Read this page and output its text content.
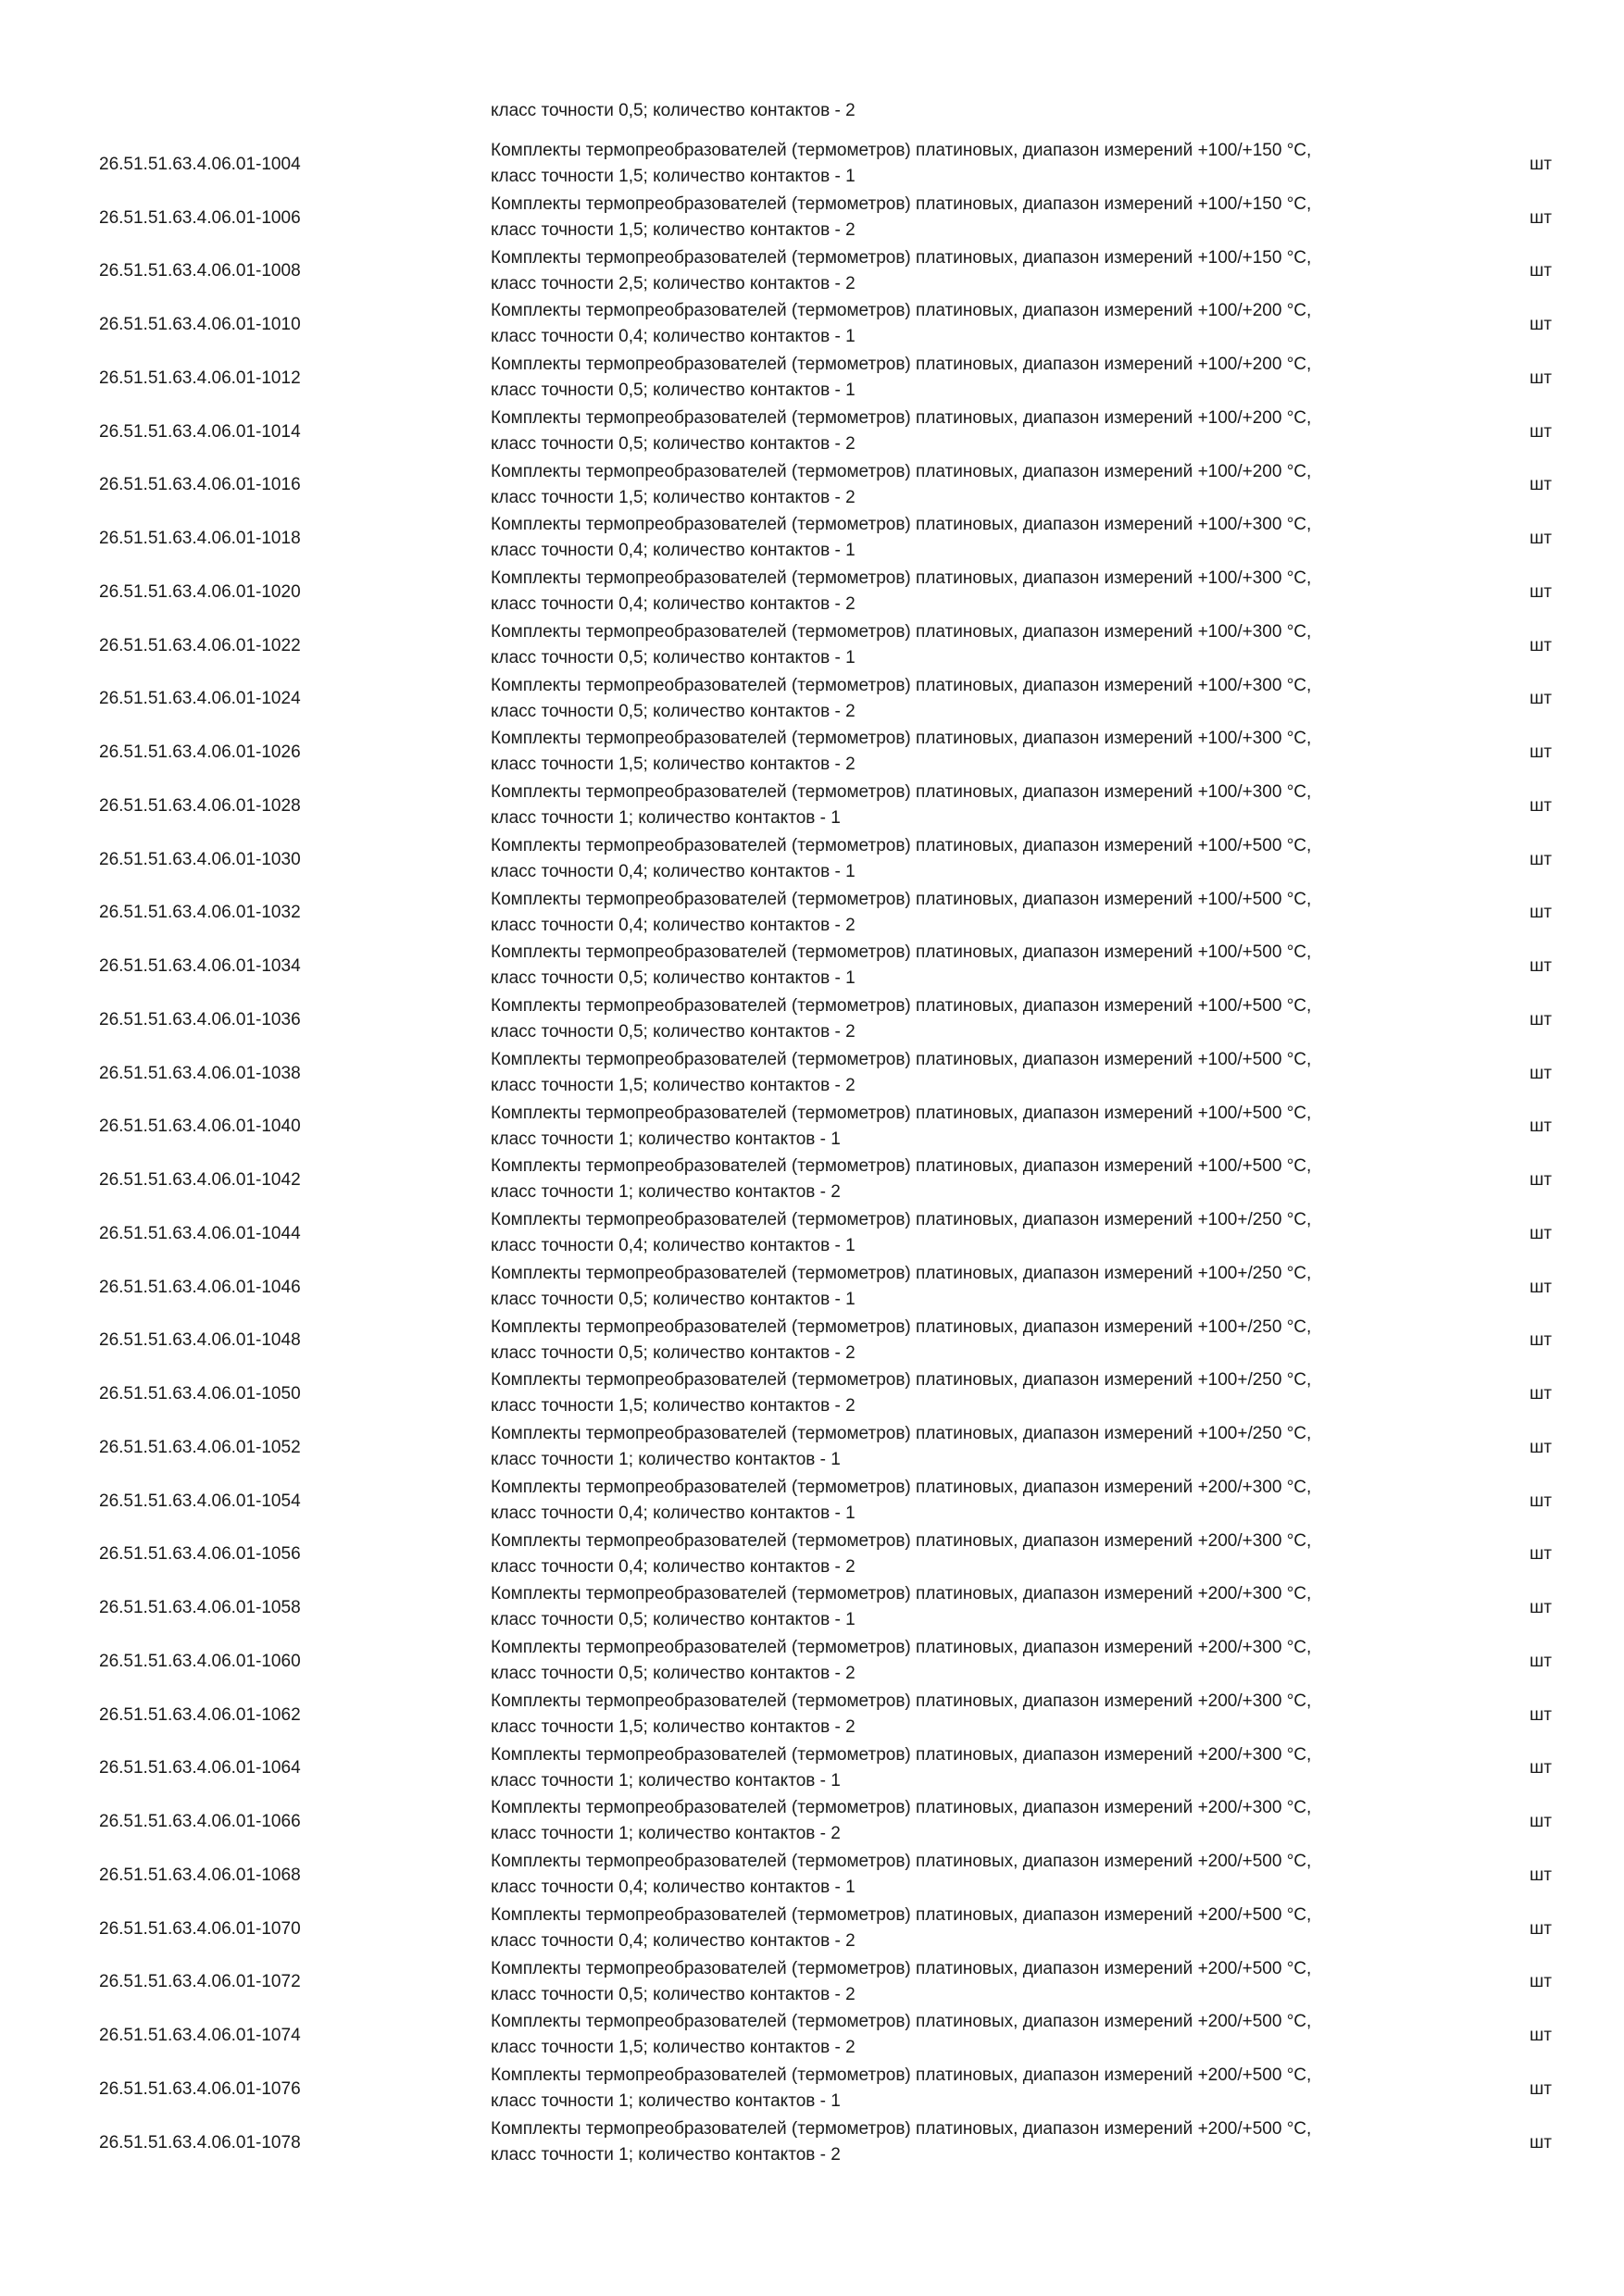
класс точности 0,5; количество контактов - 2
26.51.51.63.4.06.01-1004
Комплекты термопреобразователей (термометров) платиновых, диапазон измерений +100/+150 °С,
класс точности 1,5; количество контактов - 1
шт
26.51.51.63.4.06.01-1006
Комплекты термопреобразователей (термометров) платиновых, диапазон измерений +100/+150 °С,
класс точности 1,5; количество контактов - 2
шт
26.51.51.63.4.06.01-1008
Комплекты термопреобразователей (термометров) платиновых, диапазон измерений +100/+150 °С,
класс точности 2,5; количество контактов - 2
шт
26.51.51.63.4.06.01-1010
Комплекты термопреобразователей (термометров) платиновых, диапазон измерений +100/+200 °С,
класс точности 0,4; количество контактов - 1
шт
26.51.51.63.4.06.01-1012
Комплекты термопреобразователей (термометров) платиновых, диапазон измерений +100/+200 °С,
класс точности 0,5; количество контактов - 1
шт
26.51.51.63.4.06.01-1014
Комплекты термопреобразователей (термометров) платиновых, диапазон измерений +100/+200 °С,
класс точности 0,5; количество контактов - 2
шт
26.51.51.63.4.06.01-1016
Комплекты термопреобразователей (термометров) платиновых, диапазон измерений +100/+200 °С,
класс точности 1,5; количество контактов - 2
шт
26.51.51.63.4.06.01-1018
Комплекты термопреобразователей (термометров) платиновых, диапазон измерений +100/+300 °С,
класс точности 0,4; количество контактов - 1
шт
26.51.51.63.4.06.01-1020
Комплекты термопреобразователей (термометров) платиновых, диапазон измерений +100/+300 °С,
класс точности 0,4; количество контактов - 2
шт
26.51.51.63.4.06.01-1022
Комплекты термопреобразователей (термометров) платиновых, диапазон измерений +100/+300 °С,
класс точности 0,5; количество контактов - 1
шт
26.51.51.63.4.06.01-1024
Комплекты термопреобразователей (термометров) платиновых, диапазон измерений +100/+300 °С,
класс точности 0,5; количество контактов - 2
шт
26.51.51.63.4.06.01-1026
Комплекты термопреобразователей (термометров) платиновых, диапазон измерений +100/+300 °С,
класс точности 1,5; количество контактов - 2
шт
26.51.51.63.4.06.01-1028
Комплекты термопреобразователей (термометров) платиновых, диапазон измерений +100/+300 °С,
класс точности 1; количество контактов - 1
шт
26.51.51.63.4.06.01-1030
Комплекты термопреобразователей (термометров) платиновых, диапазон измерений +100/+500 °С,
класс точности 0,4; количество контактов - 1
шт
26.51.51.63.4.06.01-1032
Комплекты термопреобразователей (термометров) платиновых, диапазон измерений +100/+500 °С,
класс точности 0,4; количество контактов - 2
шт
26.51.51.63.4.06.01-1034
Комплекты термопреобразователей (термометров) платиновых, диапазон измерений +100/+500 °С,
класс точности 0,5; количество контактов - 1
шт
26.51.51.63.4.06.01-1036
Комплекты термопреобразователей (термометров) платиновых, диапазон измерений +100/+500 °С,
класс точности 0,5; количество контактов - 2
шт
26.51.51.63.4.06.01-1038
Комплекты термопреобразователей (термометров) платиновых, диапазон измерений +100/+500 °С,
класс точности 1,5; количество контактов - 2
шт
26.51.51.63.4.06.01-1040
Комплекты термопреобразователей (термометров) платиновых, диапазон измерений +100/+500 °С,
класс точности 1; количество контактов - 1
шт
26.51.51.63.4.06.01-1042
Комплекты термопреобразователей (термометров) платиновых, диапазон измерений +100/+500 °С,
класс точности 1; количество контактов - 2
шт
26.51.51.63.4.06.01-1044
Комплекты термопреобразователей (термометров) платиновых, диапазон измерений +100+/250 °С,
класс точности 0,4; количество контактов - 1
шт
26.51.51.63.4.06.01-1046
Комплекты термопреобразователей (термометров) платиновых, диапазон измерений +100+/250 °С,
класс точности 0,5; количество контактов - 1
шт
26.51.51.63.4.06.01-1048
Комплекты термопреобразователей (термометров) платиновых, диапазон измерений +100+/250 °С,
класс точности 0,5; количество контактов - 2
шт
26.51.51.63.4.06.01-1050
Комплекты термопреобразователей (термометров) платиновых, диапазон измерений +100+/250 °С,
класс точности 1,5; количество контактов - 2
шт
26.51.51.63.4.06.01-1052
Комплекты термопреобразователей (термометров) платиновых, диапазон измерений +100+/250 °С,
класс точности 1; количество контактов - 1
шт
26.51.51.63.4.06.01-1054
Комплекты термопреобразователей (термометров) платиновых, диапазон измерений +200/+300 °С,
класс точности 0,4; количество контактов - 1
шт
26.51.51.63.4.06.01-1056
Комплекты термопреобразователей (термометров) платиновых, диапазон измерений +200/+300 °С,
класс точности 0,4; количество контактов - 2
шт
26.51.51.63.4.06.01-1058
Комплекты термопреобразователей (термометров) платиновых, диапазон измерений +200/+300 °С,
класс точности 0,5; количество контактов - 1
шт
26.51.51.63.4.06.01-1060
Комплекты термопреобразователей (термометров) платиновых, диапазон измерений +200/+300 °С,
класс точности 0,5; количество контактов - 2
шт
26.51.51.63.4.06.01-1062
Комплекты термопреобразователей (термометров) платиновых, диапазон измерений +200/+300 °С,
класс точности 1,5; количество контактов - 2
шт
26.51.51.63.4.06.01-1064
Комплекты термопреобразователей (термометров) платиновых, диапазон измерений +200/+300 °С,
класс точности 1; количество контактов - 1
шт
26.51.51.63.4.06.01-1066
Комплекты термопреобразователей (термометров) платиновых, диапазон измерений +200/+300 °С,
класс точности 1; количество контактов - 2
шт
26.51.51.63.4.06.01-1068
Комплекты термопреобразователей (термометров) платиновых, диапазон измерений +200/+500 °С,
класс точности 0,4; количество контактов - 1
шт
26.51.51.63.4.06.01-1070
Комплекты термопреобразователей (термометров) платиновых, диапазон измерений +200/+500 °С,
класс точности 0,4; количество контактов - 2
шт
26.51.51.63.4.06.01-1072
Комплекты термопреобразователей (термометров) платиновых, диапазон измерений +200/+500 °С,
класс точности 0,5; количество контактов - 2
шт
26.51.51.63.4.06.01-1074
Комплекты термопреобразователей (термометров) платиновых, диапазон измерений +200/+500 °С,
класс точности 1,5; количество контактов - 2
шт
26.51.51.63.4.06.01-1076
Комплекты термопреобразователей (термометров) платиновых, диапазон измерений +200/+500 °С,
класс точности 1; количество контактов - 1
шт
26.51.51.63.4.06.01-1078
Комплекты термопреобразователей (термометров) платиновых, диапазон измерений +200/+500 °С,
класс точности 1; количество контактов - 2
шт
